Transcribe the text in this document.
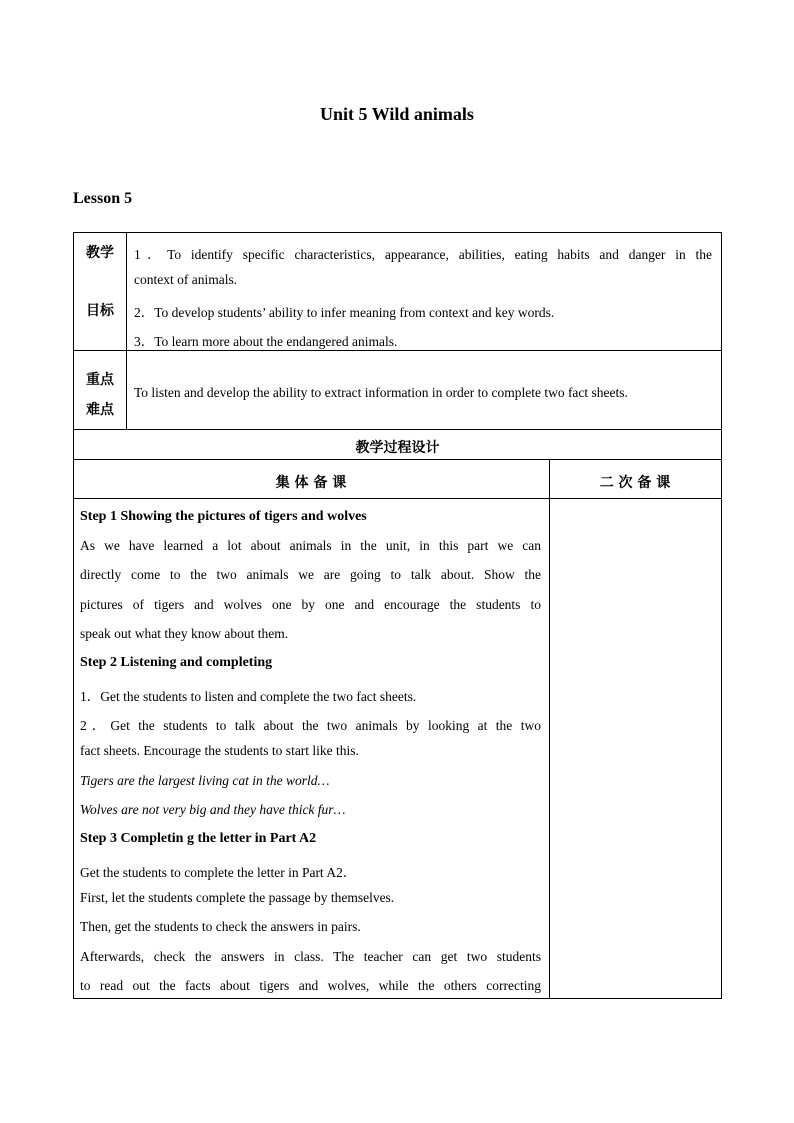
Unit 5 Wild animals
Lesson 5
教学
目标
1．To identify specific characteristics, appearance, abilities, eating habits and danger in the
context of animals.
2．To develop students’ ability to infer meaning from context and key words.
3．To learn more about the endangered animals.
重点
难点
To listen and develop the ability to extract information in order to complete two fact sheets.
教学过程设计
集 体 备 课	二 次 备 课
Step 1 Showing the pictures of tigers and wolves
As we have learned a lot about animals in the unit, in this part we can
directly come to the two animals we are going to talk about. Show the
pictures of tigers and wolves one by one and encourage the students to
speak out what they know about them.
Step 2 Listening and completing
1．Get the students to listen and complete the two fact sheets.
2．Get the students to talk about the two animals by looking at the two
fact sheets. Encourage the students to start like this.
Tigers are the largest living cat in the world…
Wolves are not very big and they have thick fur…
Step 3 Completin g the letter in Part A2
Get the students to complete the letter in Part A2．
First, let the students complete the passage by themselves.
Then, get the students to check the answers in pairs.
Afterwards, check the answers in class. The teacher can get two students
to read out the facts about tigers and wolves, while the others correcting
